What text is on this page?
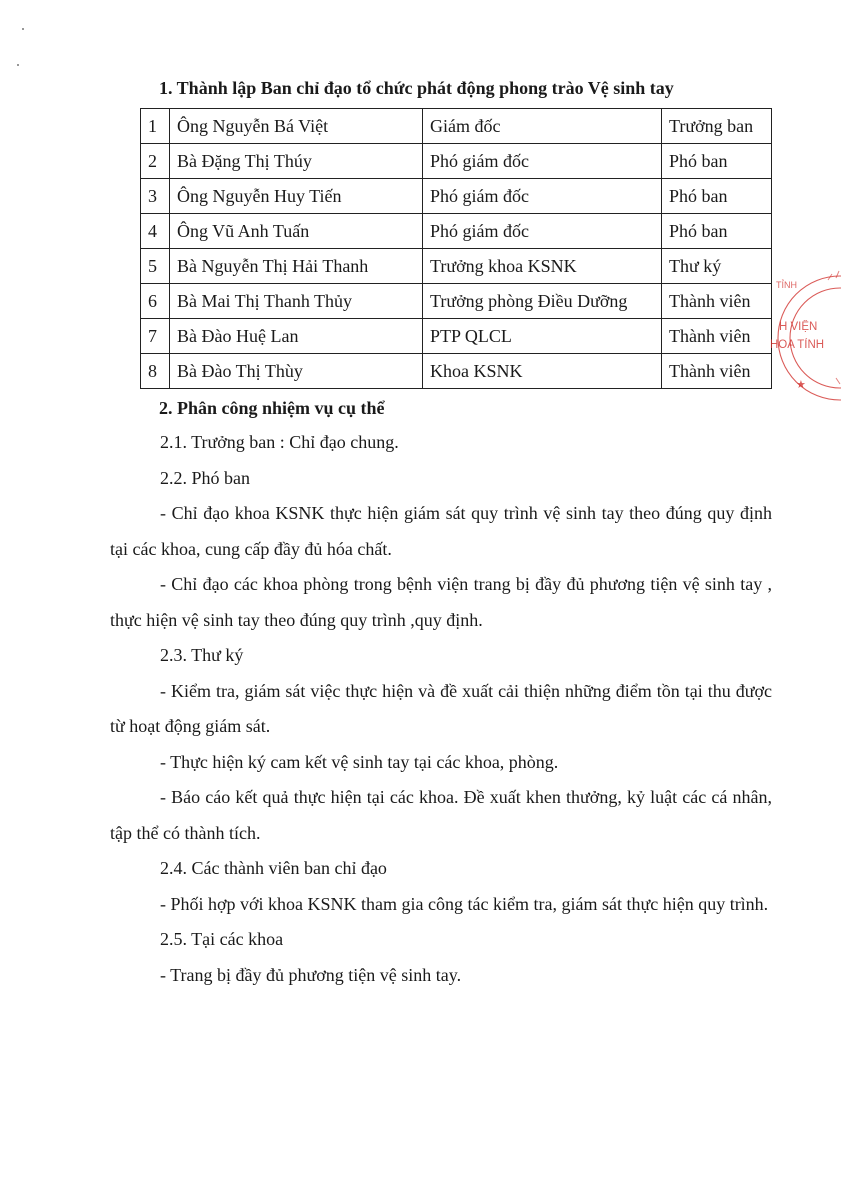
1. Thành lập Ban chỉ đạo tổ chức phát động phong trào Vệ sinh tay
1	Ông Nguyễn Bá Việt	Giám đốc	Trưởng ban
2	Bà Đặng Thị Thúy	Phó giám đốc	Phó ban
3	Ông Nguyễn Huy Tiến	Phó giám đốc	Phó ban
4	Ông Vũ Anh Tuấn	Phó giám đốc	Phó ban
5	Bà Nguyễn Thị Hải Thanh	Trưởng khoa KSNK	Thư ký
6	Bà Mai Thị Thanh Thủy	Trưởng phòng Điều Dưỡng	Thành viên
7	Bà Đào Huệ Lan	PTP QLCL	Thành viên
8	Bà Đào Thị Thùy	Khoa KSNK	Thành viên
TỈNH
H VIỆN
HOA TỈNH
★
2. Phân công nhiệm vụ cụ thể

2.1. Trưởng ban : Chỉ đạo chung.

2.2. Phó ban

- Chỉ đạo khoa KSNK thực hiện giám sát quy trình vệ sinh tay theo đúng quy định tại các khoa, cung cấp đầy đủ hóa chất.

- Chỉ đạo các khoa phòng trong bệnh viện trang bị đầy đủ phương tiện vệ sinh tay , thực hiện vệ sinh tay theo đúng quy trình ,quy định.

2.3. Thư ký

- Kiểm tra, giám sát việc thực hiện và đề xuất cải thiện những điểm tồn tại thu được từ hoạt động giám sát.

- Thực hiện ký cam kết vệ sinh tay tại các khoa, phòng.

- Báo cáo kết quả thực hiện tại các khoa. Đề xuất khen thưởng, kỷ luật các cá nhân, tập thể có thành tích.

2.4. Các thành viên ban chỉ đạo

- Phối hợp với khoa KSNK tham gia công tác kiểm tra, giám sát thực hiện quy trình.

2.5. Tại các khoa

- Trang bị đầy đủ phương tiện vệ sinh tay.
